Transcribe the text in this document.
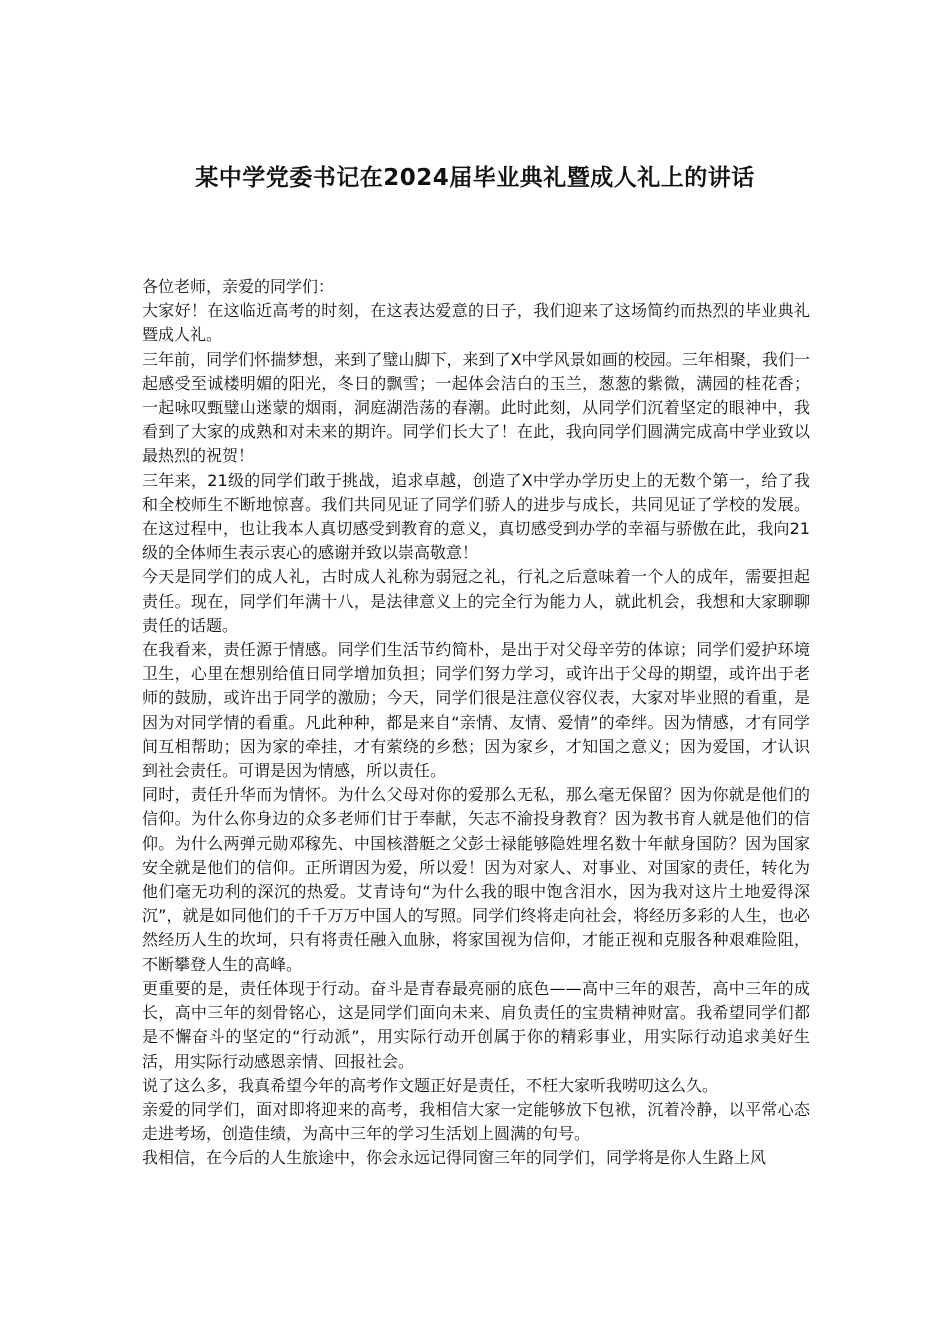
某中学党委书记在2024届毕业典礼暨成人礼上的讲话

各位老师，亲爱的同学们：

大家好！在这临近高考的时刻，在这表达爱意的日子，我们迎来了这场简约而热烈的毕业典礼暨成人礼。

三年前，同学们怀揣梦想，来到了璧山脚下，来到了X中学风景如画的校园。三年相聚，我们一起感受至诚楼明媚的阳光，冬日的飘雪；一起体会洁白的玉兰，葱葱的紫微，满园的桂花香；一起咏叹甄璧山迷蒙的烟雨，洞庭湖浩荡的春潮。此时此刻，从同学们沉着坚定的眼神中，我看到了大家的成熟和对未来的期许。同学们长大了！在此，我向同学们圆满完成高中学业致以最热烈的祝贺！

三年来，21级的同学们敢于挑战，追求卓越，创造了X中学办学历史上的无数个第一，给了我和全校师生不断地惊喜。我们共同见证了同学们骄人的进步与成长，共同见证了学校的发展。在这过程中，也让我本人真切感受到教育的意义，真切感受到办学的幸福与骄傲在此，我向21级的全体师生表示衷心的感谢并致以崇高敬意！

今天是同学们的成人礼，古时成人礼称为弱冠之礼，行礼之后意味着一个人的成年，需要担起责任。现在，同学们年满十八，是法律意义上的完全行为能力人，就此机会，我想和大家聊聊责任的话题。

在我看来，责任源于情感。同学们生活节约简朴，是出于对父母辛劳的体谅；同学们爱护环境卫生，心里在想别给值日同学增加负担；同学们努力学习，或许出于父母的期望，或许出于老师的鼓励，或许出于同学的激励；今天，同学们很是注意仪容仪表，大家对毕业照的看重，是因为对同学情的看重。凡此种种，都是来自“亲情、友情、爱情”的牵绊。因为情感，才有同学间互相帮助；因为家的牵挂，才有萦绕的乡愁；因为家乡，才知国之意义；因为爱国，才认识到社会责任。可谓是因为情感，所以责任。

同时，责任升华而为情怀。为什么父母对你的爱那么无私，那么毫无保留？因为你就是他们的信仰。为什么你身边的众多老师们甘于奉献，矢志不渝投身教育？因为教书育人就是他们的信仰。为什么两弹元勋邓稼先、中国核潜艇之父彭士禄能够隐姓埋名数十年献身国防？因为国家安全就是他们的信仰。正所谓因为爱，所以爱！因为对家人、对事业、对国家的责任，转化为他们毫无功利的深沉的热爱。艾青诗句“为什么我的眼中饱含泪水，因为我对这片土地爱得深沉”，就是如同他们的千千万万中国人的写照。同学们终将走向社会，将经历多彩的人生，也必然经历人生的坎坷，只有将责任融入血脉，将家国视为信仰，才能正视和克服各种艰难险阻，不断攀登人生的高峰。

更重要的是，责任体现于行动。奋斗是青春最亮丽的底色——高中三年的艰苦，高中三年的成长，高中三年的刻骨铭心，这是同学们面向未来、肩负责任的宝贵精神财富。我希望同学们都是不懈奋斗的坚定的“行动派”，用实际行动开创属于你的精彩事业，用实际行动追求美好生活，用实际行动感恩亲情、回报社会。

说了这么多，我真希望今年的高考作文题正好是责任，不枉大家听我唠叨这么久。

亲爱的同学们，面对即将迎来的高考，我相信大家一定能够放下包袱，沉着冷静，以平常心态走进考场，创造佳绩，为高中三年的学习生活划上圆满的句号。

我相信，在今后的人生旅途中，你会永远记得同窗三年的同学们，同学将是你人生路上风
